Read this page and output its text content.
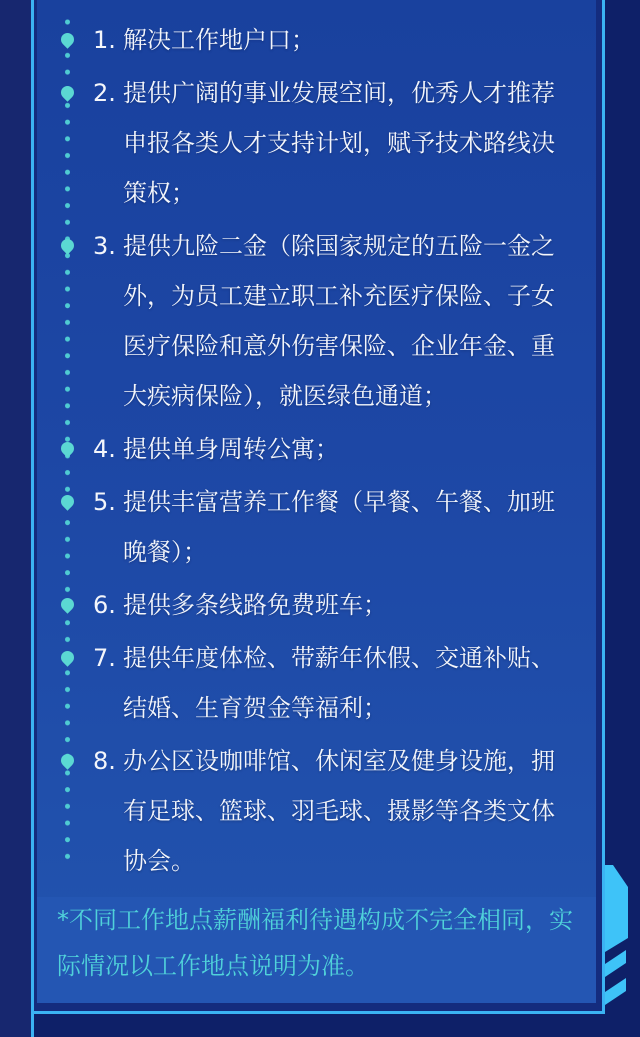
1. 解决工作地户口；
2. 提供广阔的事业发展空间，优秀人才推荐申报各类人才支持计划，赋予技术路线决策权；
3. 提供九险二金（除国家规定的五险一金之外，为员工建立职工补充医疗保险、子女医疗保险和意外伤害保险、企业年金、重大疾病保险），就医绿色通道；
4. 提供单身周转公寓；
5. 提供丰富营养工作餐（早餐、午餐、加班晚餐）；
6. 提供多条线路免费班车；
7. 提供年度体检、带薪年休假、交通补贴、结婚、生育贺金等福利；
8. 办公区设咖啡馆、休闲室及健身设施，拥有足球、篮球、羽毛球、摄影等各类文体协会。

*不同工作地点薪酬福利待遇构成不完全相同，实际情况以工作地点说明为准。
